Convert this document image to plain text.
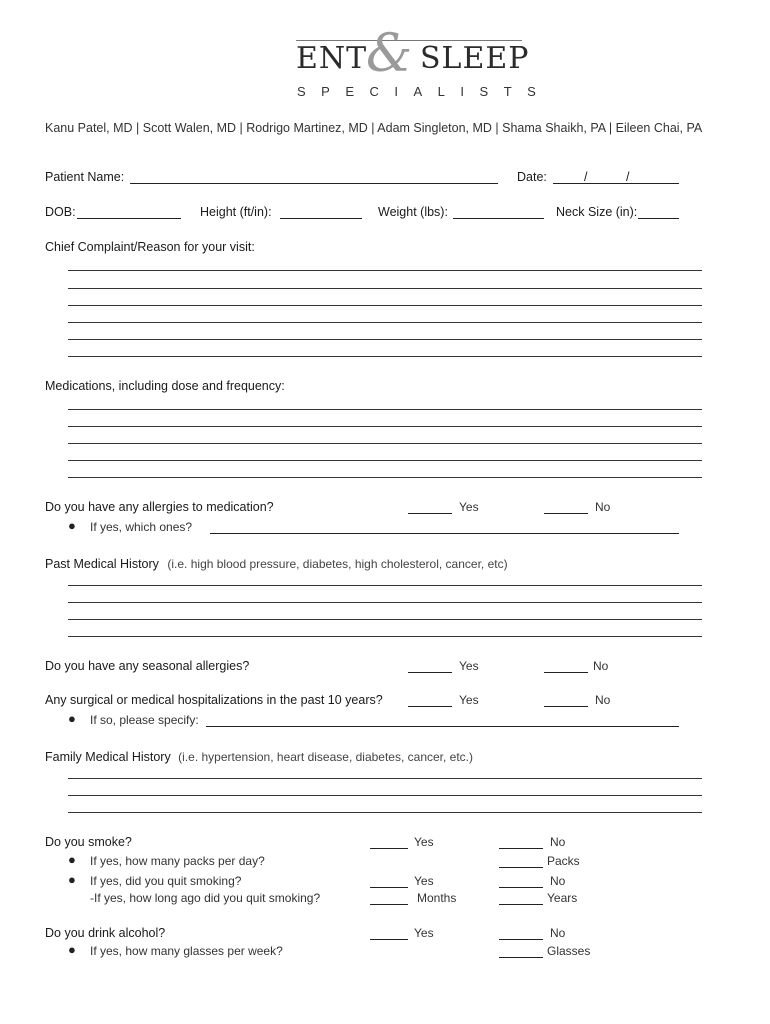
ENT
& SLEEP
SPECIALISTS
Kanu Patel, MD | Scott Walen, MD | Rodrigo Martinez, MD | Adam Singleton, MD | Shama Shaikh, PA | Eileen Chai, PA
Patient Name:	Date:	/	/
DOB:	Height (ft/in):	Weight (lbs):	Neck Size (in):
Chief Complaint/Reason for your visit:
Medications, including dose and frequency:
Do you have any allergies to medication?	Yes	No
● If yes, which ones?
Past Medical History (i.e. high blood pressure, diabetes, high cholesterol, cancer, etc)
Do you have any seasonal allergies?	Yes	No
Any surgical or medical hospitalizations in the past 10 years?	Yes	No
● If so, please specify:
Family Medical History (i.e. hypertension, heart disease, diabetes, cancer, etc.)
Do you smoke?	Yes	No
● If yes, how many packs per day?	Packs
● If yes, did you quit smoking?	Yes	No
-If yes, how long ago did you quit smoking?	Months	Years
Do you drink alcohol?	Yes	No
● If yes, how many glasses per week?	Glasses
